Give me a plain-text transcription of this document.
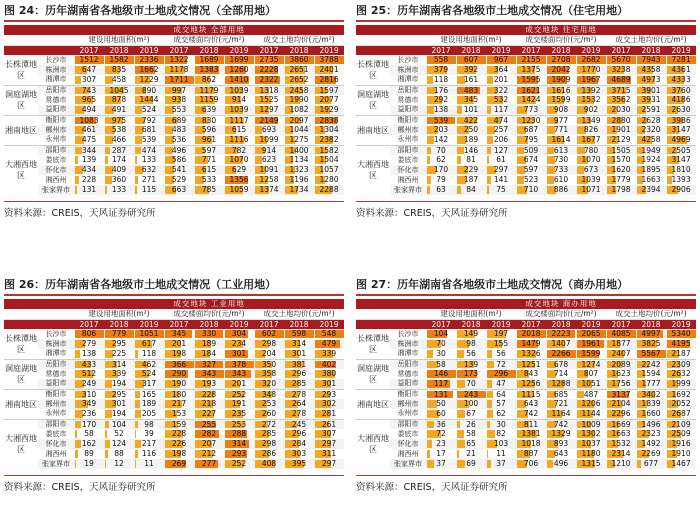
图 24：历年湖南省各地级市土地成交情况（全部用地）
		成交地块 全部用地								
		建设用地面积(m²)			成交楼面均价(元/m²)			成交土地均价(元/m²)		
		2017	2018	2019	2017	2018	2019	2017	2018	2019
长株潭地区	长沙市	1512	1582	2336	1322	1689	1699	2735	3860	3788
	株洲市	647	835	1662	1178	1383	1260	2228	2651	2401
	湘潭市	307	458	1229	1711	862	1410	2322	2652	2816
洞庭湖地区	岳阳市	743	1045	890	997	1179	1039	1318	2458	1597
	常德市	965	878	1444	938	1159	914	1525	1990	2077
	益阳市	494	491	524	553	639	1039	1297	1082	1929
湘南地区	衡阳市	1083	975	792	689	830	1117	2149	2097	2838
	郴州市	461	538	681	483	596	615	693	1044	1304
	永州市	475	466	539	536	961	1116	1099	1275	2382
大湘西地区	邵阳市	344	287	474	496	597	782	914	1400	1582
	娄底市	139	174	133	586	771	1070	623	1134	1504
	怀化市	434	409	632	541	615	629	1091	1323	1057
	湘西州	228	360	271	529	533	1356	1258	1196	1280
	张家界市	131	133	115	663	785	1059	1374	1734	2288
资料来源：CREIS，天风证券研究所
图 25：历年湖南省各地级市土地成交情况（住宅用地）
		成交地块 住宅用地								
		建设用地面积(m²)			成交楼面均价(元/m²)			成交土地均价(元/m²)		
		2017	2018	2019	2017	2018	2019	2017	2018	2019
长株潭地区	长沙市	558	607	967	2155	2708	2682	5670	7943	7281
	株洲市	379	392	364	1375	2042	1770	3238	4358	4361
	湘潭市	118	161	201	1595	1909	1967	4689	4973	4333
洞庭湖地区	岳阳市	176	483	322	1621	1616	1392	3715	3901	3760
	常德市	292	345	532	1424	1599	1532	3562	3931	4186
	益阳市	138	101	117	773	908	902	2030	2591	2630
湘南地区	衡阳市	539	422	474	1230	977	1349	2880	2628	3986
	郴州市	203	250	257	687	771	826	1901	2320	3147
	永州市	142	189	206	795	1614	1677	2129	4258	4969
大湘西地区	邵阳市	70	146	127	509	613	780	1505	1949	2505
	娄底市	62	81	61	674	730	1070	1570	1924	3147
	怀化市	170	229	297	597	733	673	1620	1895	1810
	湘西州	79	187	141	523	610	1039	1779	1663	1393
	张家界市	63	84	75	710	886	1071	1798	2394	2906
资料来源：CREIS，天风证券研究所
图 26：历年湖南省各地级市土地成交情况（工业用地）
		成交地块 工业用地								
		建设用地面积(m²)			成交楼面均价(元/m²)			成交土地均价(元/m²)		
		2017	2018	2019	2017	2018	2019	2017	2018	2019
长株潭地区	长沙市	806	779	1051	345	330	304	602	598	548
	株洲市	279	295	617	201	189	234	298	314	479
	湘潭市	138	225	118	198	184	301	204	301	339
洞庭湖地区	岳阳市	433	314	462	366	327	378	350	381	402
	常德市	512	339	524	290	343	343	358	296	380
	益阳市	249	194	317	190	193	201	320	285	301
湘南地区	衡阳市	310	295	165	180	228	252	348	278	293
	郴州市	349	301	189	217	218	191	253	264	302
	永州市	236	194	205	153	227	235	260	278	281
大湘西地区	邵阳市	170	104	98	159	255	253	272	245	261
	娄底市	58	52	39	228	282	288	285	296	307
	怀化市	162	124	217	226	207	314	298	284	297
	湘西州	89	88	116	198	212	293	286	303	311
	张家界市	19	12	11	269	277	252	408	395	297
资料来源：CREIS，天风证券研究所
图 27：历年湖南省各地级市土地成交情况（商办用地）
		成交地块 商办用地								
		建设用地面积(m²)			成交楼面均价(元/m²)			成交土地均价(元/m²)		
		2017	2018	2019	2017	2018	2019	2017	2018	2019
长株潭地区	长沙市	104	149	197	2018	2223	2065	4085	4997	5340
	株洲市	70	98	155	1479	1407	1961	1877	3825	4195
	湘潭市	30	56	56	1326	2266	1599	2407	5567	2187
洞庭湖地区	岳阳市	58	139	72	1251	678	1274	2089	2242	2309
	常德市	146	173	296	843	714	807	1623	1594	2632
	益阳市	117	70	47	1256	1288	1051	1756	1777	1999
湘南地区	衡阳市	131	243	64	1115	685	487	3137	3402	1692
	郴州市	50	100	57	643	721	1206	2104	1839	2052
	永州市	60	67	62	742	1164	1144	2296	1660	2687
大湘西地区	邵阳市	36	26	30	811	742	1009	1669	1496	2109
	娄底市	72	58	82	1381	1329	1302	1663	2323	2509
	怀化市	23	65	103	1018	893	1037	1532	1492	1916
	湘西州	17	21	11	887	643	1180	2314	2269	1910
	张家界市	37	69	37	706	496	1315	1210	677	1467
资料来源：CREIS，天风证券研究所
